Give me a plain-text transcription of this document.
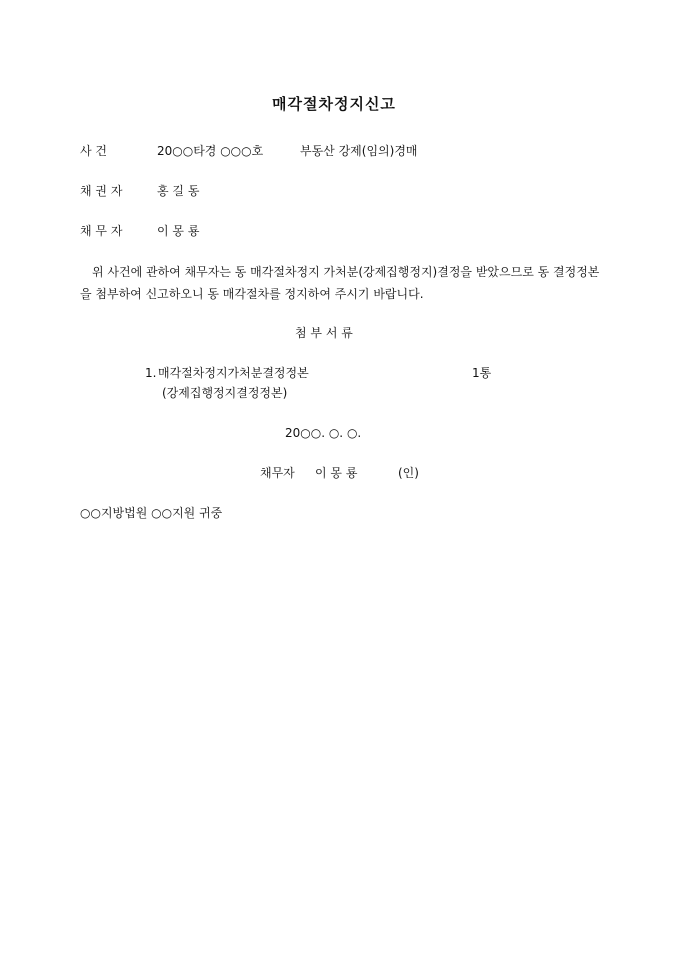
매각절차정지신고
사 건	20○○타경 ○○○호	부동산 강제(임의)경매
채 권 자	홍 길 동
채 무 자	이 몽 룡
위 사건에 관하여 채무자는 동 매각절차정지 가처분(강제집행정지)결정을 받았으므로 동 결정정본을 첨부하여 신고하오니 동 매각절차를 정지하여 주시기 바랍니다.
첨 부 서 류
1. 매각절차정지가처분결정정본	1통
(강제집행정지결정정본)
20○○. ○. ○.
채무자 이 몽 룡	(인)
○○지방법원 ○○지원 귀중
